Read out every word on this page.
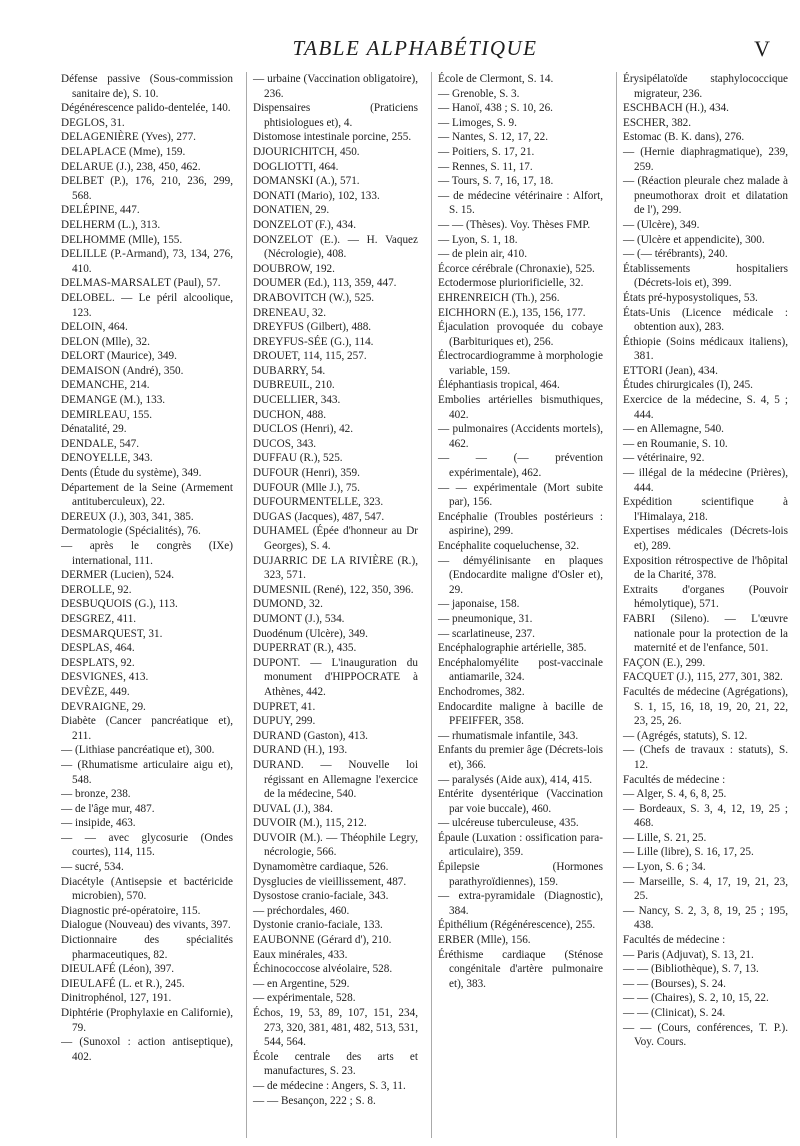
TABLE ALPHABÉTIQUE	V
Défense passive (Sous-commission sanitaire de), S. 10.
Dégénérescence palido-dentelée, 140.
DEGLOS, 31.
DELAGENIÈRE (Yves), 277.
DELAPLACE (Mme), 159.
DELARUE (J.), 238, 450, 462.
DELBET (P.), 176, 210, 236, 299, 568.
DELÉPINE, 447.
DELHERM (L.), 313.
DELHOMME (Mlle), 155.
DELILLE (P.-Armand), 73, 134, 276, 410.
DELMAS-MARSALET (Paul), 57.
DELOBEL. — Le péril alcoolique, 123.
DELOIN, 464.
DELON (Mlle), 32.
DELORT (Maurice), 349.
DEMAISON (André), 350.
DEMANCHE, 214.
DEMANGE (M.), 133.
DEMIRLEAU, 155.
Dénatalité, 29.
DENDALE, 547.
DENOYELLE, 343.
Dents (Étude du système), 349.
Département de la Seine (Armement antituberculeux), 22.
DEREUX (J.), 303, 341, 385.
Dermatologie (Spécialités), 76.
— après le congrès (IXe) international, 111.
DERMER (Lucien), 524.
DEROLLE, 92.
DESBUQUOIS (G.), 113.
DESGREZ, 411.
DESMARQUEST, 31.
DESPLAS, 464.
DESPLATS, 92.
DESVIGNES, 413.
DEVÈZE, 449.
DEVRAIGNE, 29.
Diabète (Cancer pancréatique et), 211.
— (Lithiase pancréatique et), 300.
— (Rhumatisme articulaire aigu et), 548.
— bronze, 238.
— de l'âge mur, 487.
— insipide, 463.
— — avec glycosurie (Ondes courtes), 114, 115.
— sucré, 534.
Diacétyle (Antisepsie et bactéricide microbien), 570.
Diagnostic pré-opératoire, 115.
Dialogue (Nouveau) des vivants, 397.
Dictionnaire des spécialités pharmaceutiques, 82.
DIEULAFÉ (Léon), 397.
DIEULAFÉ (L. et R.), 245.
Dinitrophénol, 127, 191.
Diphtérie (Prophylaxie en Californie), 79.
— (Sunoxol : action antiseptique), 402.
— urbaine (Vaccination obligatoire), 236.
Dispensaires (Praticiens phtisiologues et), 4.
Distomose intestinale porcine, 255.
DJOURICHITCH, 450.
DOGLIOTTI, 464.
DOMANSKI (A.), 571.
DONATI (Mario), 102, 133.
DONATIEN, 29.
DONZELOT (F.), 434.
DONZELOT (E.). — H. Vaquez (Nécrologie), 408.
DOUBROW, 192.
DOUMER (Ed.), 113, 359, 447.
DRABOVITCH (W.), 525.
DRENEAU, 32.
DREYFUS (Gilbert), 488.
DREYFUS-SÉE (G.), 114.
DROUET, 114, 115, 257.
DUBARRY, 54.
DUBREUIL, 210.
DUCELLIER, 343.
DUCHON, 488.
DUCLOS (Henri), 42.
DUCOS, 343.
DUFFAU (R.), 525.
DUFOUR (Henri), 359.
DUFOUR (Mlle J.), 75.
DUFOURMENTELLE, 323.
DUGAS (Jacques), 487, 547.
DUHAMEL (Épée d'honneur au Dr Georges), S. 4.
DUJARRIC DE LA RIVIÈRE (R.), 323, 571.
DUMESNIL (René), 122, 350, 396.
DUMOND, 32.
DUMONT (J.), 534.
Duodénum (Ulcère), 349.
DUPERRAT (R.), 435.
DUPONT. — L'inauguration du monument d'HIPPOCRATE à Athènes, 442.
DUPRET, 41.
DUPUY, 299.
DURAND (Gaston), 413.
DURAND (H.), 193.
DURAND. — Nouvelle loi régissant en Allemagne l'exercice de la médecine, 540.
DUVAL (J.), 384.
DUVOIR (M.), 115, 212.
DUVOIR (M.). — Théophile Legry, nécrologie, 566.
Dynamomètre cardiaque, 526.
Dysglucies de vieillissement, 487.
Dysostose cranio-faciale, 343.
— préchordales, 460.
Dystonie cranio-faciale, 133.
EAUBONNE (Gérard d'), 210.
Eaux minérales, 433.
Échinococcose alvéolaire, 528.
— en Argentine, 529.
— expérimentale, 528.
Échos, 19, 53, 89, 107, 151, 234, 273, 320, 381, 481, 482, 513, 531, 544, 564.
École centrale des arts et manufactures, S. 23.
— de médecine : Angers, S. 3, 11.
— — Besançon, 222 ; S. 8.
École de Clermont, S. 14.
— Grenoble, S. 3.
— Hanoï, 438 ; S. 10, 26.
— Limoges, S. 9.
— Nantes, S. 12, 17, 22.
— Poitiers, S. 17, 21.
— Rennes, S. 11, 17.
— Tours, S. 7, 16, 17, 18.
— de médecine vétérinaire : Alfort, S. 15.
— — (Thèses). Voy. Thèses FMP.
— Lyon, S. 1, 18.
— de plein air, 410.
Écorce cérébrale (Chronaxie), 525.
Ectodermose pluriorificielle, 32.
EHRENREICH (Th.), 256.
EICHHORN (E.), 135, 156, 177.
Éjaculation provoquée du cobaye (Barbituriques et), 256.
Électrocardiogramme à morphologie variable, 159.
Éléphantiasis tropical, 464.
Embolies artérielles bismuthiques, 402.
— pulmonaires (Accidents mortels), 462.
— — (— prévention expérimentale), 462.
— — expérimentale (Mort subite par), 156.
Encéphalie (Troubles postérieurs : aspirine), 299.
Encéphalite coqueluchense, 32.
— démyélinisante en plaques (Endocardite maligne d'Osler et), 29.
— japonaise, 158.
— pneumonique, 31.
— scarlatineuse, 237.
Encéphalographie artérielle, 385.
Encéphalomyélite post-vaccinale antiamarile, 324.
Enchodromes, 382.
Endocardite maligne à bacille de PFEIFFER, 358.
— rhumatismale infantile, 343.
Enfants du premier âge (Décrets-lois et), 366.
— paralysés (Aide aux), 414, 415.
Entérite dysentérique (Vaccination par voie buccale), 460.
— ulcéreuse tuberculeuse, 435.
Épaule (Luxation : ossification para-articulaire), 359.
Épilepsie (Hormones parathyroïdiennes), 159.
— extra-pyramidale (Diagnostic), 384.
Épithélium (Régénérescence), 255.
ERBER (Mlle), 156.
Éréthisme cardiaque (Sténose congénitale d'artère pulmonaire et), 383.
Érysipélatoïde staphylococcique migrateur, 236.
ESCHBACH (H.), 434.
ESCHER, 382.
Estomac (B. K. dans), 276.
— (Hernie diaphragmatique), 239, 259.
— (Réaction pleurale chez malade à pneumothorax droit et dilatation de l'), 299.
— (Ulcère), 349.
— (Ulcère et appendicite), 300.
— (— térébrants), 240.
Établissements hospitaliers (Décrets-lois et), 399.
États pré-hyposystoliques, 53.
États-Unis (Licence médicale : obtention aux), 283.
Éthiopie (Soins médicaux italiens), 381.
ETTORI (Jean), 434.
Études chirurgicales (I), 245.
Exercice de la médecine, S. 4, 5 ; 444.
— en Allemagne, 540.
— en Roumanie, S. 10.
— vétérinaire, 92.
— illégal de la médecine (Prières), 444.
Expédition scientifique à l'Himalaya, 218.
Expertises médicales (Décrets-lois et), 289.
Exposition rétrospective de l'hôpital de la Charité, 378.
Extraits d'organes (Pouvoir hémolytique), 571.
FABRI (Sileno). — L'œuvre nationale pour la protection de la maternité et de l'enfance, 501.
FAÇON (E.), 299.
FACQUET (J.), 115, 277, 301, 382.
Facultés de médecine (Agrégations), S. 1, 15, 16, 18, 19, 20, 21, 22, 23, 25, 26.
— (Agrégés, statuts), S. 12.
— (Chefs de travaux : statuts), S. 12.
Facultés de médecine :
— Alger, S. 4, 6, 8, 25.
— Bordeaux, S. 3, 4, 12, 19, 25 ; 468.
— Lille, S. 21, 25.
— Lille (libre), S. 16, 17, 25.
— Lyon, S. 6 ; 34.
— Marseille, S. 4, 17, 19, 21, 23, 25.
— Nancy, S. 2, 3, 8, 19, 25 ; 195, 438.
Facultés de médecine :
— Paris (Adjuvat), S. 13, 21.
— — (Bibliothèque), S. 7, 13.
— — (Bourses), S. 24.
— — (Chaires), S. 2, 10, 15, 22.
— — (Clinicat), S. 24.
— — (Cours, conférences, T. P.). Voy. Cours.
